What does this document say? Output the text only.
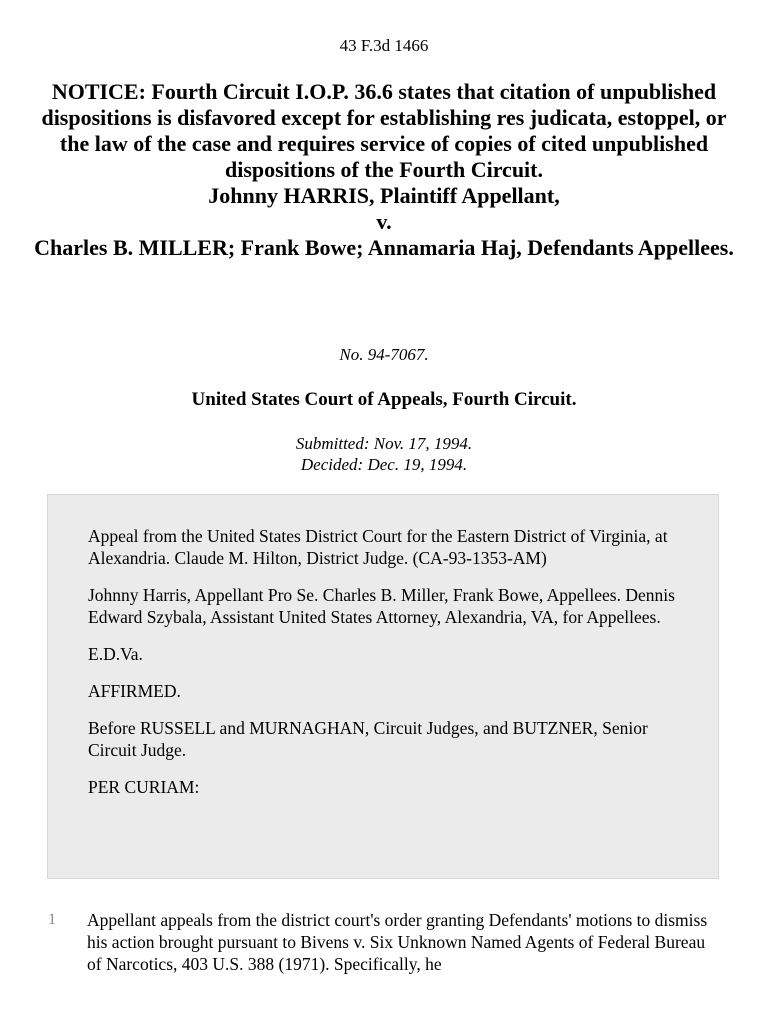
43 F.3d 1466
NOTICE: Fourth Circuit I.O.P. 36.6 states that citation of unpublished dispositions is disfavored except for establishing res judicata, estoppel, or the law of the case and requires service of copies of cited unpublished dispositions of the Fourth Circuit.
Johnny HARRIS, Plaintiff Appellant,
v.
Charles B. MILLER; Frank Bowe; Annamaria Haj, Defendants Appellees.
No. 94-7067.
United States Court of Appeals, Fourth Circuit.
Submitted: Nov. 17, 1994.
Decided: Dec. 19, 1994.

Appeal from the United States District Court for the Eastern District of Virginia, at Alexandria. Claude M. Hilton, District Judge. (CA-93-1353-AM)

Johnny Harris, Appellant Pro Se. Charles B. Miller, Frank Bowe, Appellees. Dennis Edward Szybala, Assistant United States Attorney, Alexandria, VA, for Appellees.

E.D.Va.

AFFIRMED.

Before RUSSELL and MURNAGHAN, Circuit Judges, and BUTZNER, Senior Circuit Judge.

PER CURIAM:

1 Appellant appeals from the district court's order granting Defendants' motions to dismiss his action brought pursuant to Bivens v. Six Unknown Named Agents of Federal Bureau of Narcotics, 403 U.S. 388 (1971). Specifically, he
